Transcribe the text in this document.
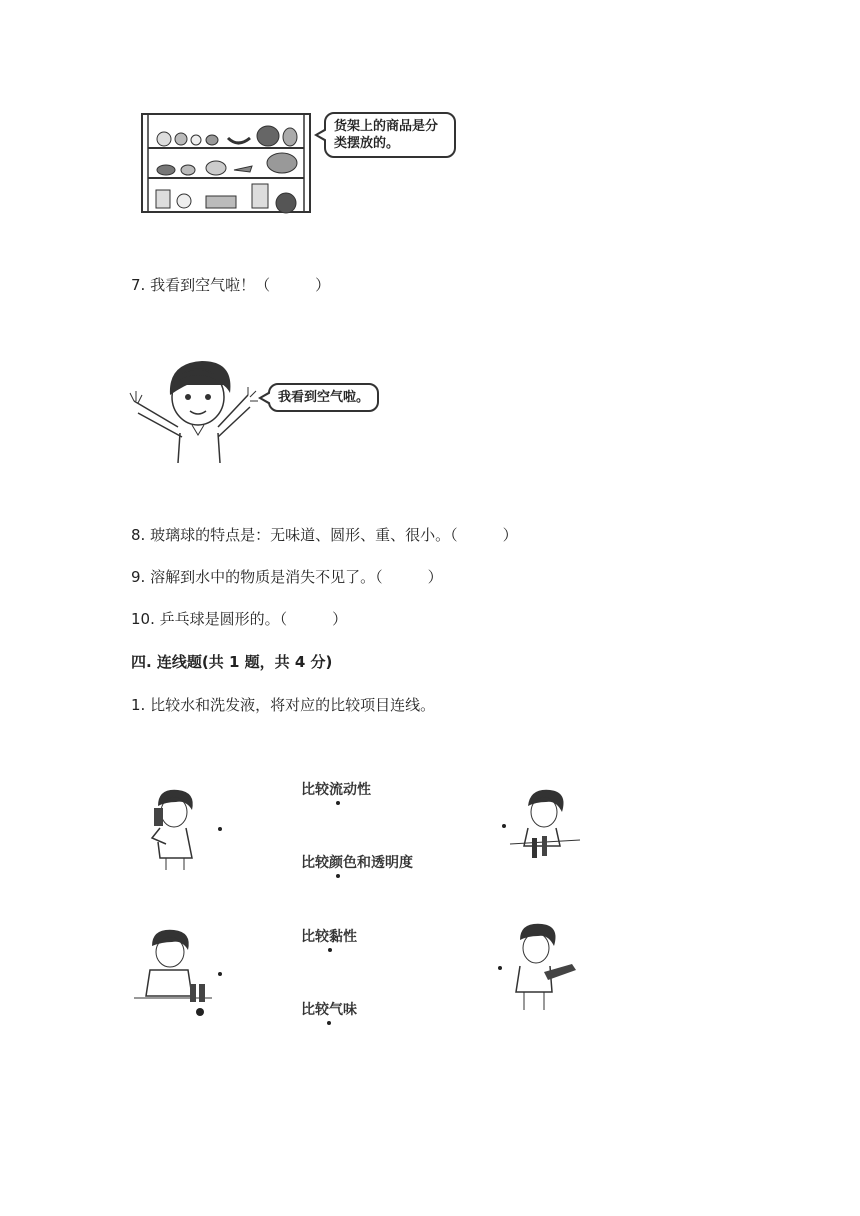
货架上的商品是分类摆放的。
7. 我看到空气啦！（　　　）
我看到空气啦。
8. 玻璃球的特点是：无味道、圆形、重、很小。（　　　）
9. 溶解到水中的物质是消失不见了。（　　　）
10. 乒乓球是圆形的。（　　　）
四. 连线题(共 1 题，共 4 分)
1. 比较水和洗发液，将对应的比较项目连线。
比较流动性
比较颜色和透明度
比较黏性
比较气味
